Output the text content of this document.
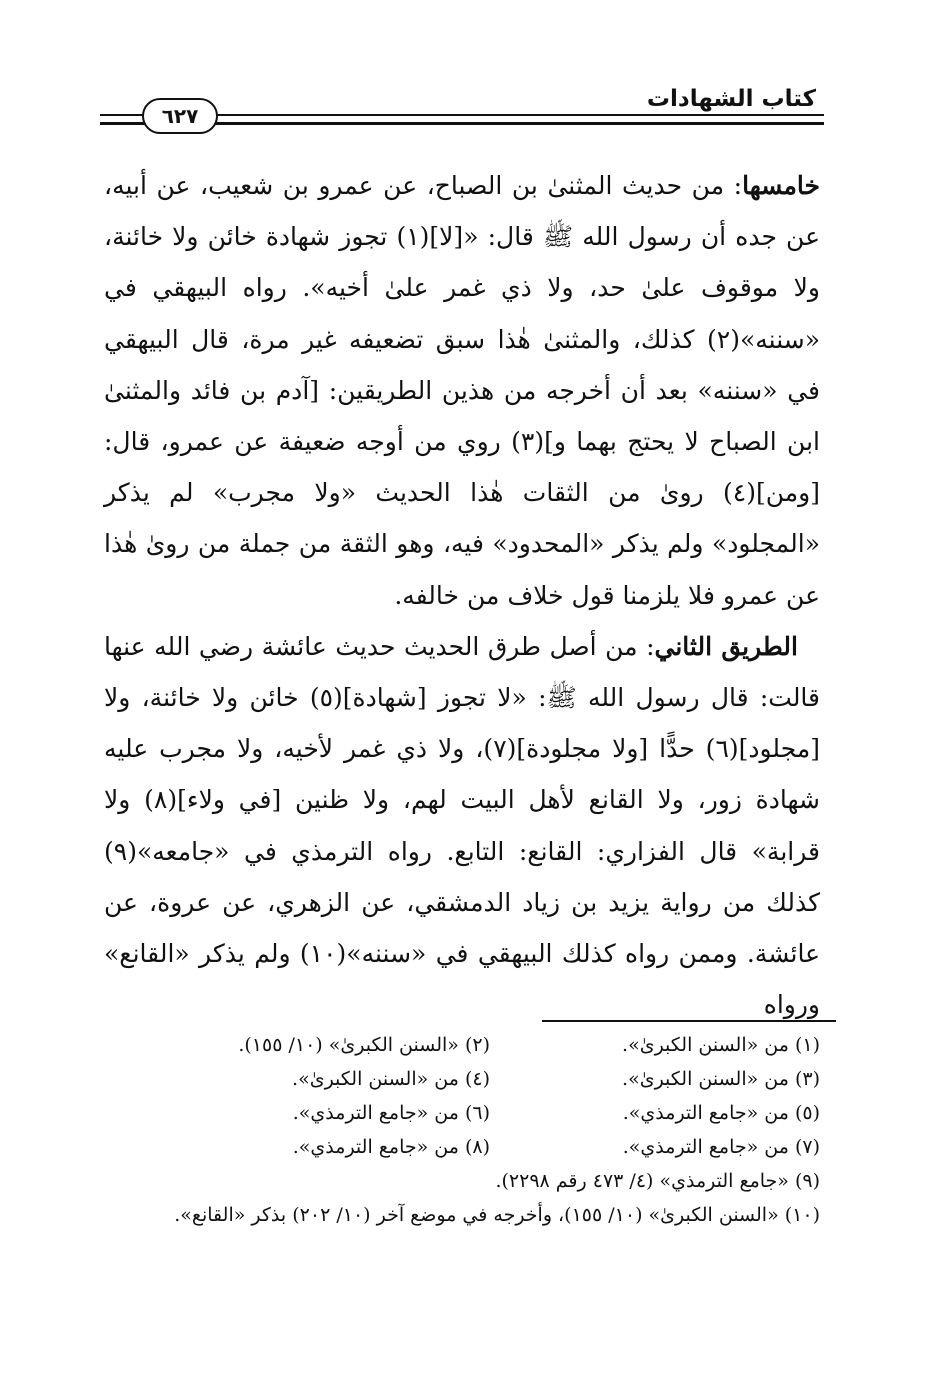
كتاب الشهادات
٦٢٧

خامسها: من حديث المثنىٰ بن الصباح، عن عمرو بن شعيب، عن أبيه، عن جده أن رسول الله ﷺ قال: «[لا](١) تجوز شهادة خائن ولا خائنة، ولا موقوف علىٰ حد، ولا ذي غمر علىٰ أخيه». رواه البيهقي في «سننه»(٢) كذلك، والمثنىٰ هٰذا سبق تضعيفه غير مرة، قال البيهقي في «سننه» بعد أن أخرجه من هذين الطريقين: [آدم بن فائد والمثنىٰ ابن الصباح لا يحتج بهما و](٣) روي من أوجه ضعيفة عن عمرو، قال: [ومن](٤) روىٰ من الثقات هٰذا الحديث «ولا مجرب» لم يذكر «المجلود» ولم يذكر «المحدود» فيه، وهو الثقة من جملة من روىٰ هٰذا عن عمرو فلا يلزمنا قول خلاف من خالفه.

الطريق الثاني: من أصل طرق الحديث حديث عائشة رضي الله عنها قالت: قال رسول الله ﷺ: «لا تجوز [شهادة](٥) خائن ولا خائنة، ولا [مجلود](٦) حدًّا [ولا مجلودة](٧)، ولا ذي غمر لأخيه، ولا مجرب عليه شهادة زور، ولا القانع لأهل البيت لهم، ولا ظنين [في ولاء](٨) ولا قرابة» قال الفزاري: القانع: التابع. رواه الترمذي في «جامعه»(٩) كذلك من رواية يزيد بن زياد الدمشقي، عن الزهري، عن عروة، عن عائشة. وممن رواه كذلك البيهقي في «سننه»(١٠) ولم يذكر «القانع» ورواه

(١) من «السنن الكبرىٰ».
(٢) «السنن الكبرىٰ» (١٠/ ١٥٥).
(٣) من «السنن الكبرىٰ».
(٤) من «السنن الكبرىٰ».
(٥) من «جامع الترمذي».
(٦) من «جامع الترمذي».
(٧) من «جامع الترمذي».
(٨) من «جامع الترمذي».
(٩) «جامع الترمذي» (٤/ ٤٧٣ رقم ٢٢٩٨).
(١٠) «السنن الكبرىٰ» (١٠/ ١٥٥)، وأخرجه في موضع آخر (١٠/ ٢٠٢) بذكر «القانع».
